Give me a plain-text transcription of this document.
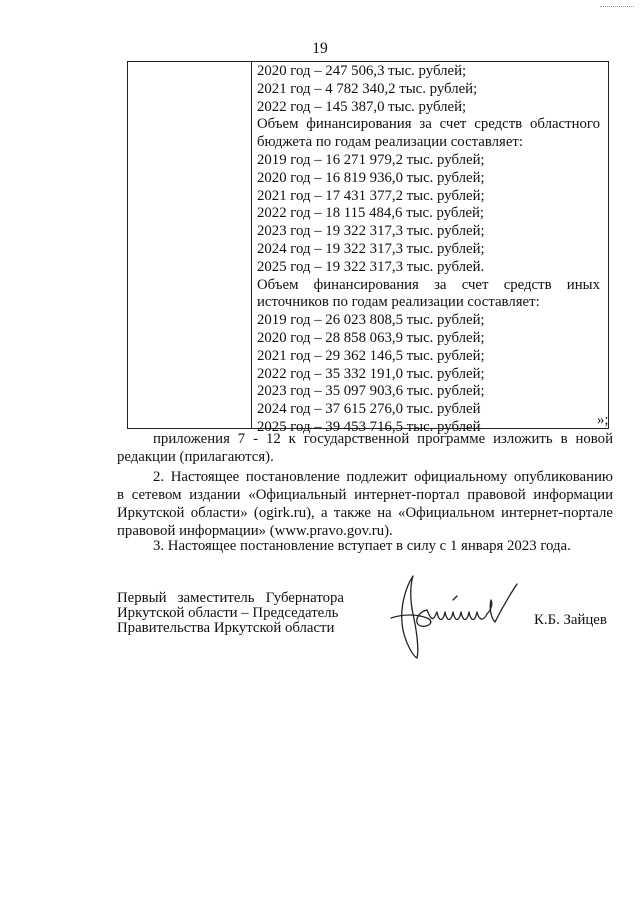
19
2020 год – 247 506,3 тыс. рублей;
2021 год – 4 782 340,2 тыс. рублей;
2022 год – 145 387,0 тыс. рублей;
Объем финансирования за счет средств областного
бюджета по годам реализации составляет:
2019 год – 16 271 979,2 тыс. рублей;
2020 год – 16 819 936,0 тыс. рублей;
2021 год – 17 431 377,2 тыс. рублей;
2022 год – 18 115 484,6 тыс. рублей;
2023 год – 19 322 317,3 тыс. рублей;
2024 год – 19 322 317,3 тыс. рублей;
2025 год – 19 322 317,3 тыс. рублей.
Объем финансирования за счет средств иных
источников по годам реализации составляет:
2019 год – 26 023 808,5 тыс. рублей;
2020 год – 28 858 063,9 тыс. рублей;
2021 год – 29 362 146,5 тыс. рублей;
2022 год – 35 332 191,0 тыс. рублей;
2023 год – 35 097 903,6 тыс. рублей;
2024 год – 37 615 276,0 тыс. рублей
2025 год – 39 453 716,5 тыс. рублей	»;
приложения 7 - 12 к государственной программе изложить в новой
редакции (прилагаются).
2. Настоящее постановление подлежит официальному опубликованию
в сетевом издании «Официальный интернет-портал правовой информации
Иркутской области» (ogirk.ru), а также на «Официальном интернет-портале
правовой информации» (www.pravo.gov.ru).
3. Настоящее постановление вступает в силу с 1 января 2023 года.
Первый заместитель Губернатора
Иркутской области – Председатель
Правительства Иркутской области	К.Б. Зайцев
